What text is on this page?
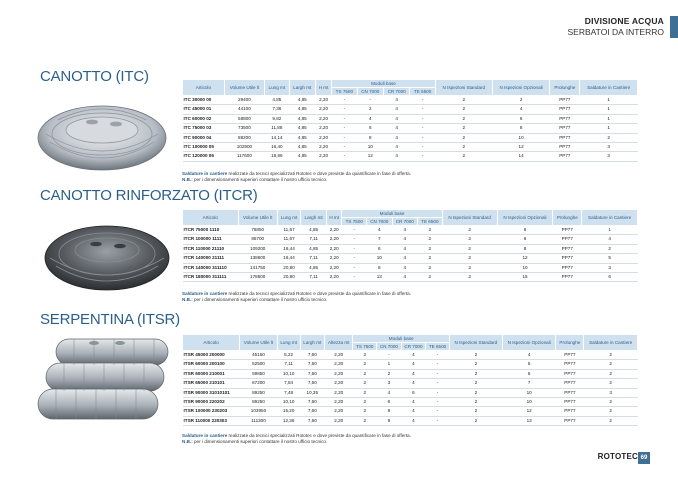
DIVISIONE ACQUA
SERBATOI DA INTERRO
CANOTTO (ITC)
Articolo	Volume Utile lt	Lung mt	Largh mt	H mt	Moduli base				N Ispezioni Standard	N Ispezioni Opzionali	Prolunghe	Saldature in Cantiere
					TS 7500	CN 7000	CR 7000	TE 6500				
ITC 30000 00	29400	4,85	4,85	2,20	-	-	4	-	2	2	PP77	1
ITC 45000 01	44100	7,36	4,85	2,20	-	2	4	-	2	4	PP77	1
ITC 60000 02	58800	9,82	4,85	2,20	-	4	4	-	2	6	PP77	1
ITC 75000 03	73500	11,88	4,85	2,20	-	6	4	-	2	8	PP77	1
ITC 90000 04	88200	14,14	4,85	2,20	-	8	4	-	2	10	PP77	2
ITC 100000 05	102900	16,40	4,85	2,20	-	10	4	-	2	12	PP77	3
ITC 120000 06	117600	18,66	4,85	2,20	-	12	4	-	2	14	PP77	3
Saldature in cantiere realizzate da tecnici specializzati Rototec e dove previste da quantificare in fase di offerta.
N.B.: per i dimensionamenti superiori contattare il nostro ufficio tecnico.
CANOTTO RINFORZATO (ITCR)
Articolo	Volume Utile lt	Lung mt	Largh mt	H mt	Moduli base				N Ispezioni Standard	N Ispezioni Opzionali	Prolunghe	Saldature in Cantiere
					TS 7500	CN 7000	CR 7000	TE 6500				
ITCR 75000 1110	76850	11,67	4,85	2,20	-	4	4	2	2	6	PP77	1
ITCR 100000 1111	86700	11,67	7,11	2,20	-	7	4	2	2	6	PP77	4
ITCR 110000 21110	109200	16,44	4,85	2,20	-	6	4	2	2	8	PP77	2
ITCR 140000 21111	138600	16,44	7,11	2,20	-	10	4	2	2	12	PP77	5
ITCR 140000 311110	141750	20,80	4,85	2,20	-	8	4	2	2	10	PP77	3
ITCR 180000 311111	178500	20,80	7,11	2,20	-	13	4	2	2	15	PP77	6
Saldature in cantiere realizzate da tecnici specializzati Rototec e dove previste da quantificare in fase di offerta.
N.B.: per i dimensionamenti superiori contattare il nostro ufficio tecnico.
SERPENTINA (ITSR)
Articolo	Volume Utile lt	Lung mt	Largh mt	Altezza mt	Moduli base				N Ispezioni Standard	N Ispezioni Opzionali	Prolunghe	Saldature in Cantiere
					TS 7500	CN 7000	CR 7000	TE 6500				
ITSR 45000 200000	45150	5,22	7,60	2,20	2	-	4	-	2	4	PP77	2
ITSR 60000 200100	52500	7,11	7,60	2,20	2	1	4	-	2	5	PP77	2
ITSR 60000 210001	59850	10,10	7,60	2,20	2	2	4	-	2	6	PP77	2
ITSR 65000 210101	67200	7,84	7,60	2,20	2	3	4	-	2	7	PP77	2
ITSR 90000 31010101	89250	7,48	10,35	2,20	2	4	6	-	2	10	PP77	3
ITSR 90000 220202	89250	10,10	7,60	2,20	2	6	4	-	2	10	PP77	2
ITSR 100000 230203	103950	15,20	7,60	2,20	2	8	4	-	2	12	PP77	2
ITSR 110000 230303	111300	12,36	7,60	2,20	2	9	4	-	2	13	PP77	2
Saldature in cantiere realizzate da tecnici specializzati Rototec e dove previste da quantificare in fase di offerta.
N.B.: per i dimensionamenti superiori contattare il nostro ufficio tecnico.
ROTOTEC 69
